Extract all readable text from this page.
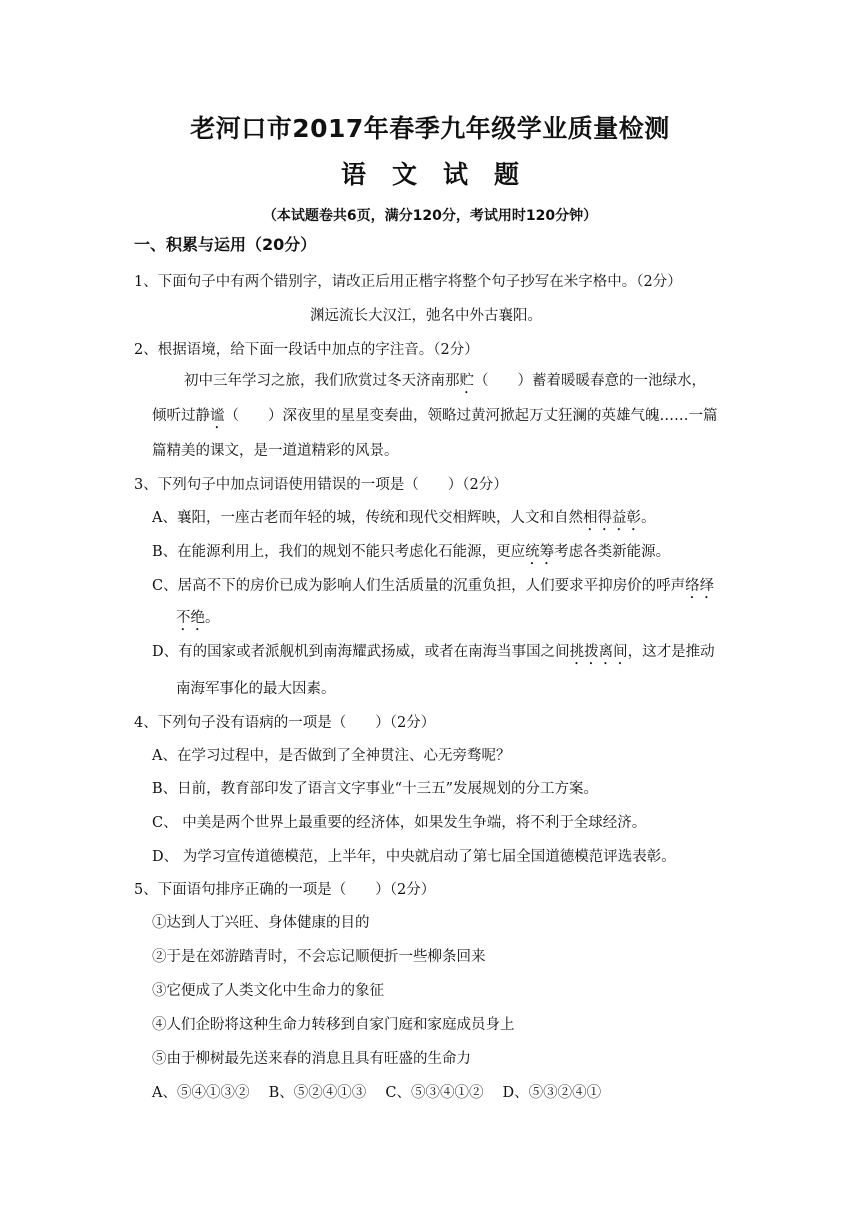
老河口市2017年春季九年级学业质量检测
语文试题
（本试题卷共6页，满分120分，考试用时120分钟）
一、积累与运用（20分）
1、下面句子中有两个错别字，请改正后用正楷字将整个句子抄写在米字格中。（2分）
渊远流长大汉江，弛名中外古襄阳。
2、根据语境，给下面一段话中加点的字注音。（2分）
初中三年学习之旅，我们欣赏过冬天济南那贮（　　）蓄着暖暖春意的一池绿水，
倾听过静谧（　　）深夜里的星星变奏曲，领略过黄河掀起万丈狂澜的英雄气魄……一篇
篇精美的课文，是一道道精彩的风景。
3、下列句子中加点词语使用错误的一项是（　　）（2分）
A、襄阳，一座古老而年轻的城，传统和现代交相辉映，人文和自然相得益彰。
B、在能源利用上，我们的规划不能只考虑化石能源，更应统筹考虑各类新能源。
C、居高不下的房价已成为影响人们生活质量的沉重负担，人们要求平抑房价的呼声络绎
不绝。
D、有的国家或者派舰机到南海耀武扬威，或者在南海当事国之间挑拨离间，这才是推动
南海军事化的最大因素。
4、下列句子没有语病的一项是（　　）（2分）
A、在学习过程中，是否做到了全神贯注、心无旁骛呢？
B、日前，教育部印发了语言文字事业“十三五”发展规划的分工方案。
C、 中美是两个世界上最重要的经济体，如果发生争端，将不利于全球经济。
D、 为学习宣传道德模范，上半年，中央就启动了第七届全国道德模范评选表彰。
5、下面语句排序正确的一项是（　　）（2分）
①达到人丁兴旺、身体健康的目的
②于是在郊游踏青时，不会忘记顺便折一些柳条回来
③它便成了人类文化中生命力的象征
④人们企盼将这种生命力转移到自家门庭和家庭成员身上
⑤由于柳树最先送来春的消息且具有旺盛的生命力
A、⑤④①③②　 B、⑤②④①③　 C、⑤③④①②　 D、⑤③②④①
